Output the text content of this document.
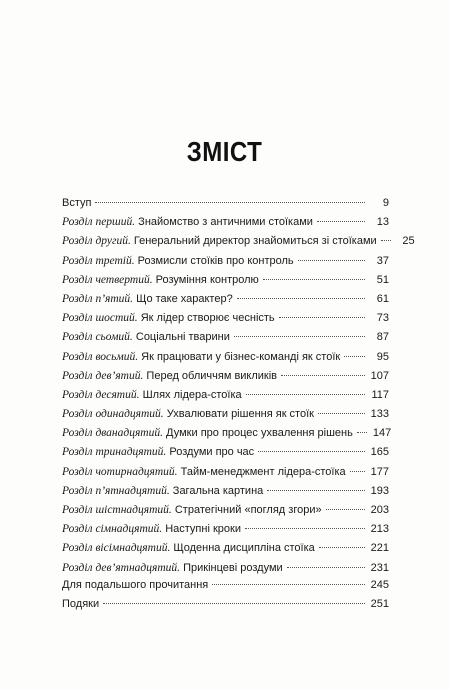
ЗМІСТ
Вступ	9
Розділ перший. Знайомство з античними стоїками	13
Розділ другий. Генеральний директор знайомиться зі стоїками	25
Розділ третій. Розмисли стоїків про контроль	37
Розділ четвертий. Розуміння контролю	51
Розділ п’ятий. Що таке характер?	61
Розділ шостий. Як лідер створює чесність	73
Розділ сьомий. Соціальні тварини	87
Розділ восьмий. Як працювати у бізнес-команді як стоїк	95
Розділ дев’ятий. Перед обличчям викликів	107
Розділ десятий. Шлях лідера-стоїка	117
Розділ одинадцятий. Ухвалювати рішення як стоїк	133
Розділ дванадцятий. Думки про процес ухвалення рішень 147
Розділ тринадцятий. Роздуми про час	165
Розділ чотирнадцятий. Тайм-менеджмент лідера-стоїка 177
Розділ п’ятнадцятий. Загальна картина	193
Розділ шістнадцятий. Стратегічний «погляд згори»	203
Розділ сімнадцятий. Наступні кроки	213
Розділ вісімнадцятий. Щоденна дисципліна стоїка	221
Розділ дев’ятнадцятий. Прикінцеві роздуми	231
Для подальшого прочитання	245
Подяки	251
